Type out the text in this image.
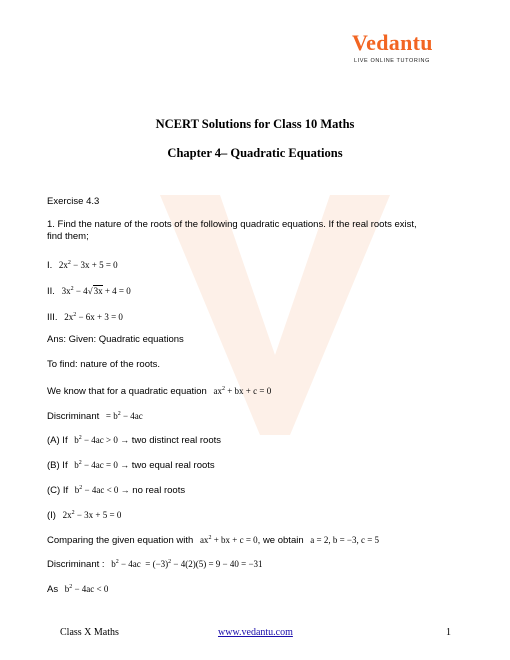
Vedantu
LIVE ONLINE TUTORING
NCERT Solutions for Class 10 Maths
Chapter 4– Quadratic Equations
Exercise 4.3
1. Find the nature of the roots of the following quadratic equations. If the real roots exist,
find them;
I. $2x^2 - 3x + 5 = 0$
II. $3x^2 - 4√3x + 4 = 0$
III. $2x^2 - 6x + 3 = 0$
Ans: Given: Quadratic equations
To find: nature of the roots.
We know that for a quadratic equation $ax^2$ + bx + c = 0
Discriminant = $b^2 - 4ac$
(A) If $b^2 - 4ac > 0$ → two distinct real roots
(B) If $b^2 - 4ac = 0$ → two equal real roots
(C) If $b^2 - 4ac < 0$ → no real roots
(I) $2x^2 - 3x + 5 = 0$
Comparing the given equation with $ax^2$ + bx + c = 0, we obtain a = 2, b = −3, c = 5
Discriminant : $b^2 - 4ac = (-3)^2 - 4(2)(5) = 9 - 40 = -31$
As $b^2 - 4ac < 0$
Class X Maths	www.vedantu.com	1
